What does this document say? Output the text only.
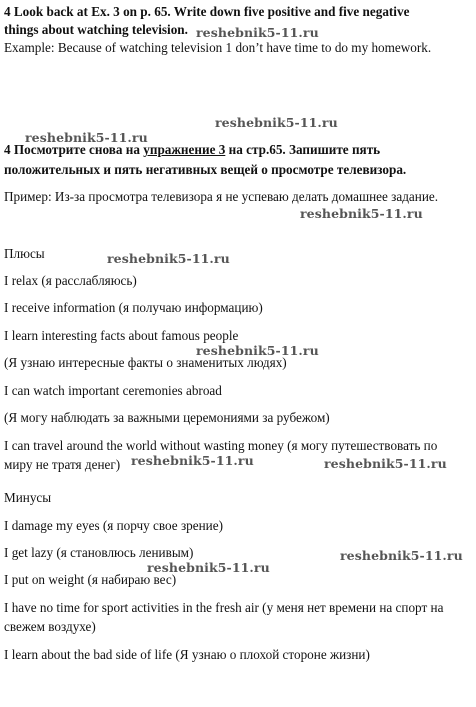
4 Look back at Ex. 3 on p. 65. Write down five positive and five negative
things about watching television.
Example: Because of watching television 1 don’t have time to do my homework.
4 Посмотрите снова на упражнение 3 на стр.65. Запишите пять
положительных и пять негативных вещей о просмотре телевизора.
Пример: Из-за просмотра телевизора я не успеваю делать домашнее задание.
Плюсы
I relax (я расслабляюсь)
I receive information (я получаю информацию)
I learn interesting facts about famous people
(Я узнаю интересные факты о знаменитых людях)
I can watch important ceremonies abroad
(Я могу наблюдать за важными церемониями за рубежом)
I can travel around the world without wasting money (я могу путешествовать по
миру не тратя денег)
Минусы
I damage my eyes (я порчу свое зрение)
I get lazy (я становлюсь ленивым)
I put on weight (я набираю вес)
I have no time for sport activities in the fresh air (у меня нет времени на спорт на
свежем воздухе)
I learn about the bad side of life (Я узнаю о плохой стороне жизни)
reshebnik5-11.ru
reshebnik5-11.ru
reshebnik5-11.ru
reshebnik5-11.ru
reshebnik5-11.ru
reshebnik5-11.ru
reshebnik5-11.ru	reshebnik5-11.ru
reshebnik5-11.ru
reshebnik5-11.ru
